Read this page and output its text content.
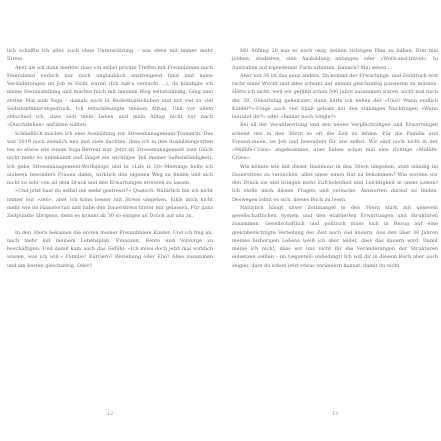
lich schaffte ich alles auch ohne Unterstützung – war eben mit immer mehr Stress.

Aber als ich dann merkte, dass ich selbst private Treffen mit Freundinnen nach Feierabend einfach nur noch unglaublich anstrengend fand und keine Veränderungen im Job in Sicht waren (Ich hab's versucht …), da kündigte ich meine Festanstellung und machte mich mit meinem Blog selbstständig. Ging zum ersten Mal zum Yoga – damals noch in Basketballschuhen und mit viel zu viel Selbstoptimierungsdruck. Ich entschleunigte meinen Alltag. Und vor allem entschied ich, dass sich mein Leben und mein Alltag nicht nur nach »Durchziehen« anfühlen sollten.

Schließlich machte ich eine Ausbildung zur Stressmanagement-Trainerin. Das war 2019 noch ziemlich neu und viele dachten, dass ich in den Ausbildungsorten bei so etwas wie einem Yoga-Retreat war. Jetzt ist Stressmanagement zum Glück nicht mehr so unbekannt und längst ein wichtiges Teil meiner Selbstständigkeit. Ich gebe Stressmanagement-Workshops und in »Life is 30«-Meetings helfe ich anderen besonders Frauen dabei, wirklich den eigenen Weg zu finden und sich nicht zu sehr von all dem Druck und den Erwartungen stressen zu lassen.

»Und jetzt hast du selbst nie mehr gestresst?« Quatsch. Natürlich bin ich nicht immer nur »zen«, aber ich kann besser mit Stress umgehen, fühle mich nicht mehr wie im Hamsterrad und habe den Dauerstress hinter mir gelassen. Für ganz Zeitpunkte übrigens, denn es kommt ab 30 so einiges an Druck auf uns zu.

In den 30ern bekamen die ersten meiner Freundinnen Kinder. Und ich fing an, mich mehr mit meinem Lebensplan, Finanzen, Rente und Vorsorge zu beschäftigen. Und damit kam auch das Gefühl: »Ich muss doch jetzt mal wirklich wissen, was ich will.« Familie? Karriere? Beziehung oder Ehe? Alles zusammen und am besten gleichzeitig. Oder?

12

Mit Anfang 20 war es noch okay, keinen richtigen Plan zu haben. Erst mal jobben, studieren, eine Ausbildung anfangen oder »Work-and-travel«. In Australien auf irgendeiner Farm arbeiten. Danach? Mal sehen …

Aber mit 30 ist das ganz anders. Da kommt der Erwartungs- und Zeitdruck erst recht einer Wucht und alles scheint auf einmal gleichzeitig passieren zu müssen. Hätte ich nicht, weil wir gefühlt schon 500 Jahre zusammen waren, nicht mal nach der 30. Geburtstag geheiratet, dann hätte ich neben der »Und? Wann endlich Kinder?«-Frage auch viel Spaß gehabt mit den ständigen Nachfragen »Wann heiratet ihr?« oder »Immer noch Single?«

Bei all der Verantwortung und den neuen Verpflichtungen und Erwartungen scheint uns in den 30ern so oft die Zeit zu fehlen. Für die Familie und Freund:innen, im Job und besonders für uns selbst. Wir sind noch nicht in der »Midlife-Crisis« angekommen, aber haben schon mal eine richtige »Midlife-Crisis«.

Wie könnte wie mit dieser Rushhour in den 30ern umgehen, statt ständig im Dauerstress zu versuchen, alles unter einen Hut zu bekommen? Wie werden wir den Druck los und bringen mehr Zufriedenheit und Leichtigkeit in unser Leben? Ich stelle mich diesen Fragen und versuche, Antworten darauf zu finden. Deswegen lohnt es sich, dieses Buch zu lesen.

Natürlich hängt unser Zeitmangel in den 30ern stark mit unserem gesellschaftlichen System und den etablierten Erwartungen und Strukturen zusammen. Gesellschaftlich und politisch muss sich in Bezug auf eine gleichberechtigte Verteilung der Zeit noch viel ändern. Aus den über 30 Jahren meines bisherigen Lebens weiß ich aber leider, dass das dauern wird. Damit meine ich nicht, dass wir uns nicht für die Veränderungen der Strukturen einsetzen sollten – im Gegenteil: unbedingt! Ich will dir in diesem Buch aber auch zeigen, dass du schon jetzt etwas verändern kannst, damit du nicht

13
